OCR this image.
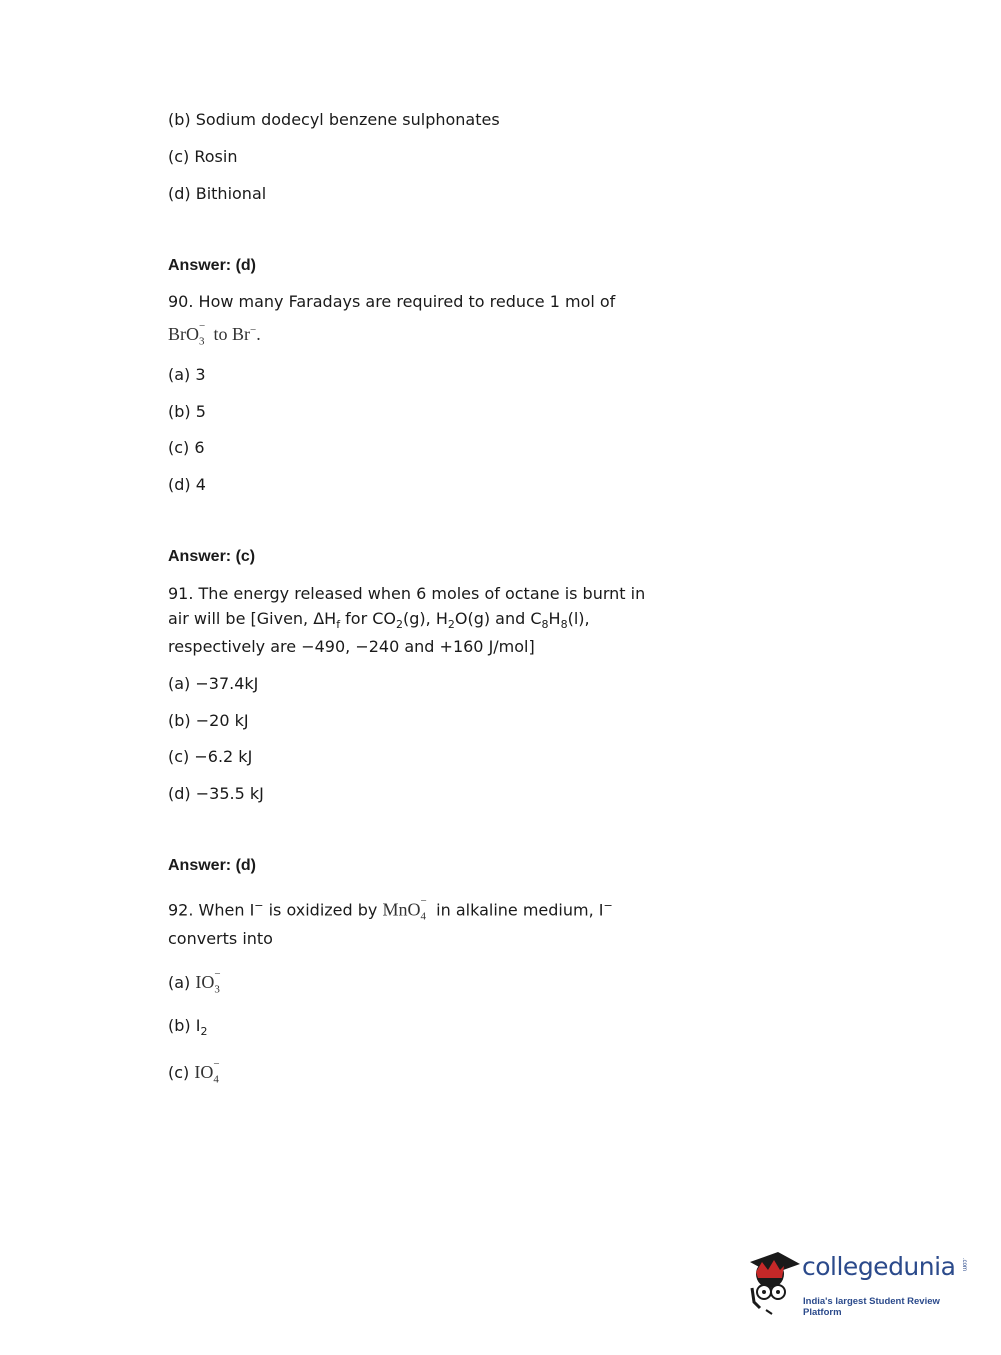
(b) Sodium dodecyl benzene sulphonates
(c) Rosin
(d) Bithional
Answer: (d)
90. How many Faradays are required to reduce 1 mol of
BrO$_3$
− to Br−.
(a) 3
(b) 5
(c) 6
(d) 4
Answer: (c)
91. The energy released when 6 moles of octane is burnt in
air will be [Given, $\Delta H_f$ for $CO_2(g)$, $H_2O(g)$ and $C_8H_8(l)$,
respectively are −490, −240 and +160 J/mol]
(a) −37.4kJ
(b) −20 kJ
(c) −6.2 kJ
(d) −35.5 kJ
Answer: (d)
92. When I− is oxidized by MnO$_4$
− in alkaline medium, I−
converts into
(a) $IO_3$
−
(b) $I_2$
(c) $IO_4$
−
collegedunia .com
India's largest Student Review Platform
